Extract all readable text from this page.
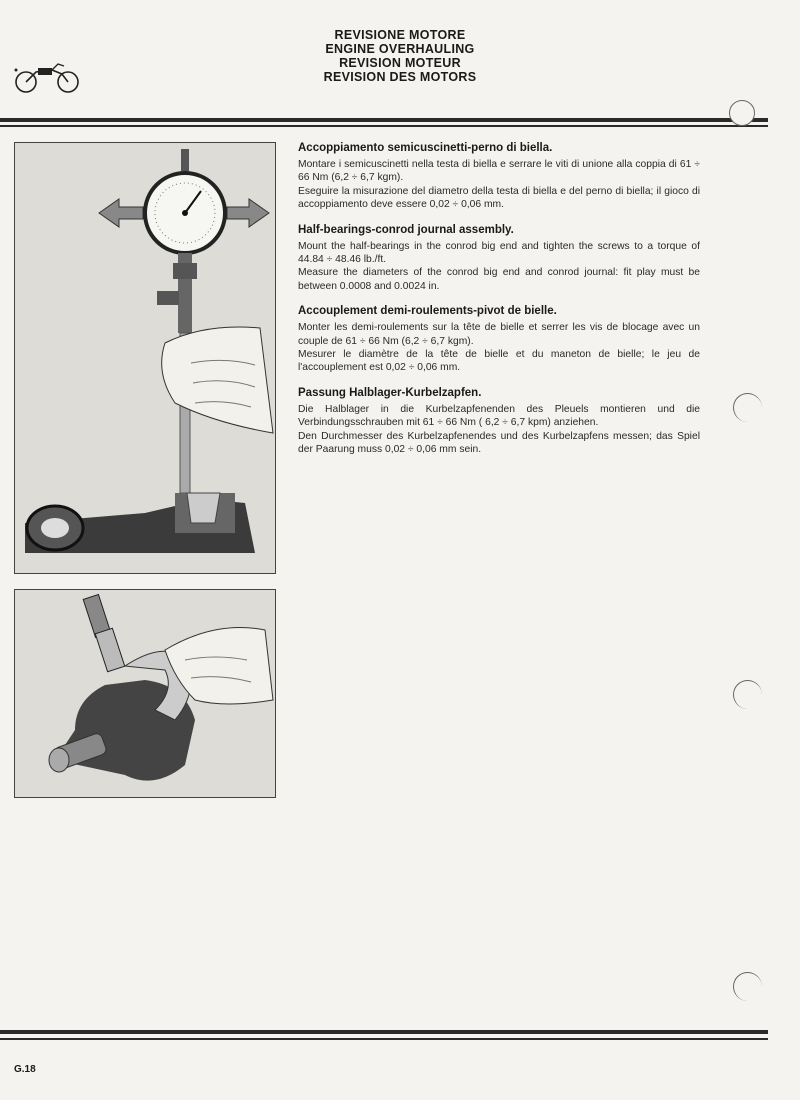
REVISIONE MOTORE
ENGINE OVERHAULING
REVISION MOTEUR
REVISION DES MOTORS
Accoppiamento semicuscinetti-perno di biella.

Montare i semicuscinetti nella testa di biella e serrare le viti di unione alla coppia di 61 ÷ 66 Nm (6,2 ÷ 6,7 kgm).

Eseguire la misurazione del diametro della testa di biella e del perno di biella; il gioco di accoppiamento deve essere 0,02 ÷ 0,06 mm.

Half-bearings-conrod journal assembly.

Mount the half-bearings in the conrod big end and tighten the screws to a torque of 44.84 ÷ 48.46 lb./ft.

Measure the diameters of the conrod big end and conrod journal: fit play must be between 0.0008 and 0.0024 in.

Accouplement demi-roulements-pivot de bielle.

Monter les demi-roulements sur la tête de bielle et serrer les vis de blocage avec un couple de 61 ÷ 66 Nm (6,2 ÷ 6,7 kgm).

Mesurer le diamètre de la tête de bielle et du maneton de bielle; le jeu de l'accouplement est 0,02 ÷ 0,06 mm.

Passung Halblager-Kurbelzapfen.

Die Halblager in die Kurbelzapfenenden des Pleuels montieren und die Verbindungsschrauben mit 61 ÷ 66 Nm ( 6,2 ÷ 6,7 kpm) anziehen.

Den Durchmesser des Kurbelzapfenendes und des Kurbelzapfens messen; das Spiel der Paarung muss 0,02 ÷ 0,06 mm sein.

G.18
